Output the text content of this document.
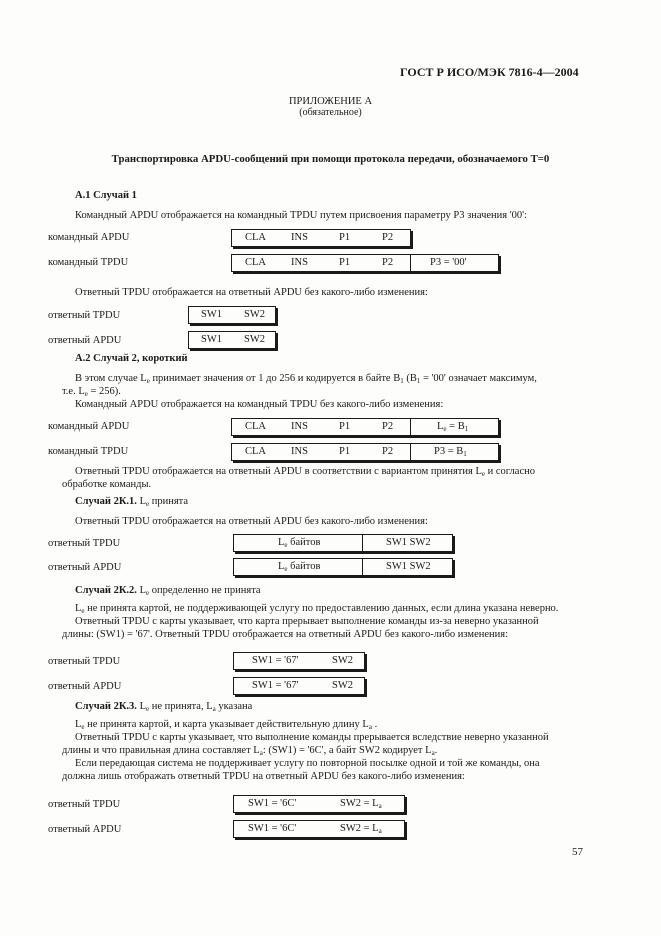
ГОСТ Р ИСО/МЭК 7816-4—2004
ПРИЛОЖЕНИЕ А
(обязательное)
Транспортировка APDU-сообщений при помощи протокола передачи, обозначаемого Т=0
А.1 Случай 1
Командный APDU отображается на командный TPDU путем присвоения параметру Р3 значения '00':
командный APDU	CLA INS	P1	P2
командный TPDU	CLA INS	P1	P2	P3 = '00'
Ответный TPDU отображается на ответный APDU без какого-либо изменения:
ответный TPDU	SW1 SW2
ответный APDU	SW1 SW2
А.2 Случай 2, короткий
В этом случае $L_e$ принимает значения от 1 до 256 и кодируется в байте $B_1$ ($B_1$ = '00' означает максимум,
т.е. $L_e = 256$).
Командный APDU отображается на командный TPDU без какого-либо изменения:
командный APDU	CLA INS	P1	P2	$L_e = B_1$
командный TPDU	CLA INS	P1	P2	$P3 = B_1$
Ответный TPDU отображается на ответный APDU в соответствии с вариантом принятия $L_e$ и согласно
обработке команды.
Случай 2К.1. $L_e$ принята
Ответный TPDU отображается на ответный APDU без какого-либо изменения:
ответный TPDU	$L_e$ байтов	SW1 SW2
ответный APDU	$L_e$ байтов	SW1 SW2
Случай 2К.2. $L_e$ определенно не принята
$L_e$ не принята картой, не поддерживающей услугу по предоставлению данных, если длина указана неверно.
Ответный TPDU с карты указывает, что карта прерывает выполнение команды из-за неверно указанной
длины: (SW1) = '67'. Ответный TPDU отображается на ответный APDU без какого-либо изменения:
ответный TPDU	SW1 = '67'	SW2
ответный APDU	SW1 = '67'	SW2
Случай 2К.3. $L_e$ не принята, $L_a$ указана
$L_e$ не принята картой, и карта указывает действительную длину $L_a$ .
Ответный TPDU с карты указывает, что выполнение команды прерывается вследствие неверно указанной
длины и что правильная длина составляет $L_a$: (SW1) = '6C', а байт SW2 кодирует $L_a$.
Если передающая система не поддерживает услугу по повторной посылке одной и той же команды, она
должна лишь отображать ответный TPDU на ответный APDU без какого-либо изменения:
ответный TPDU	SW1 = '6C'	$SW2 = L_a$
ответный APDU	SW1 = '6C'	$SW2 = L_a$
57
